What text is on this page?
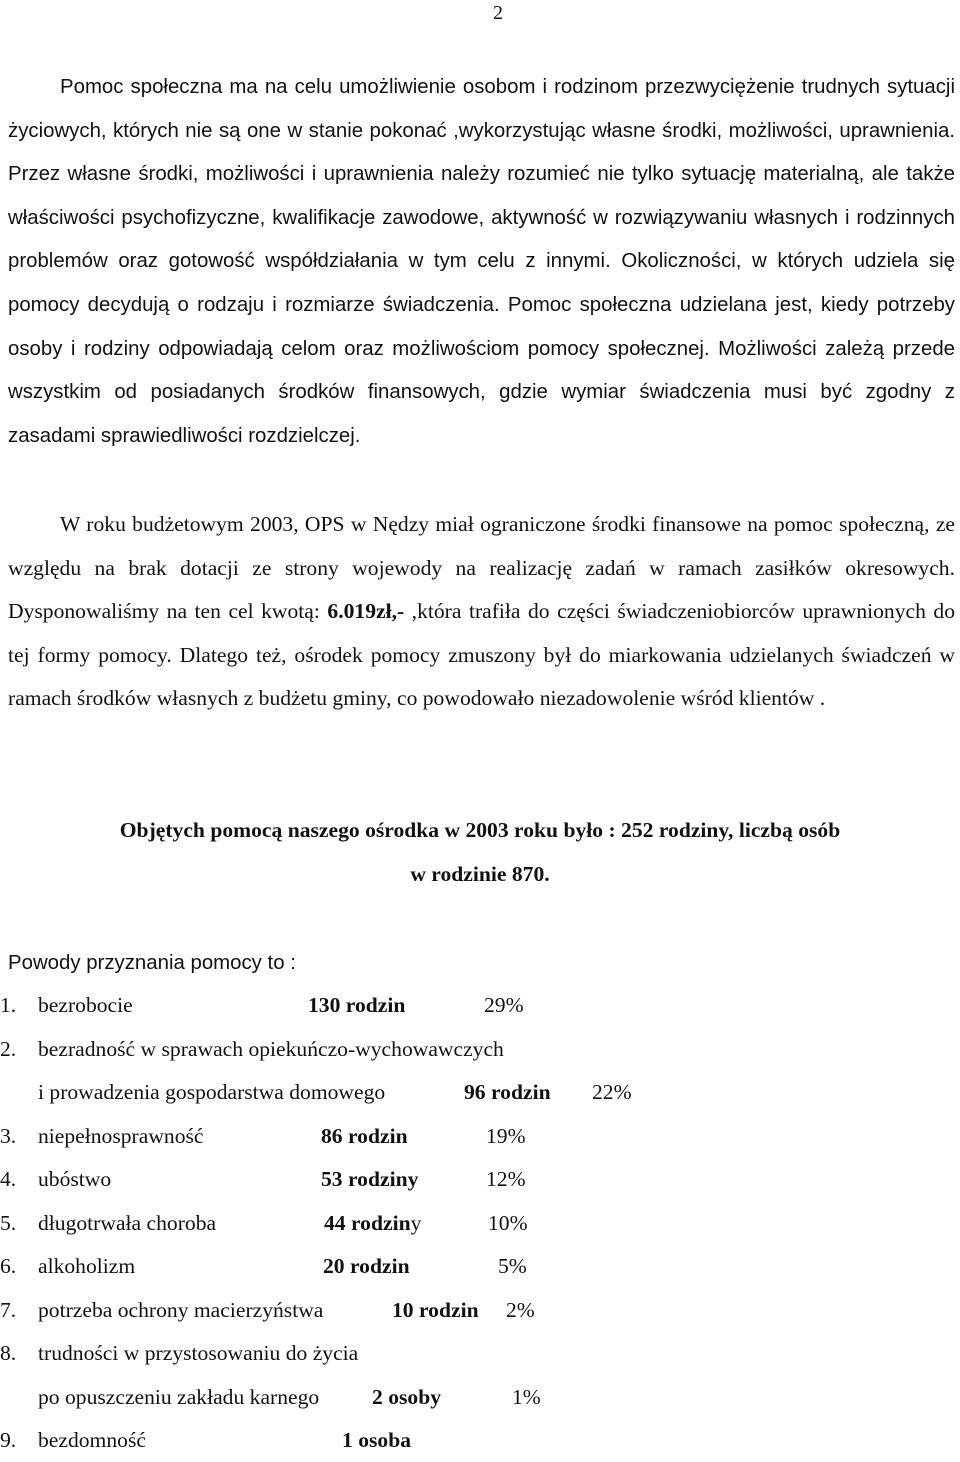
2

Pomoc społeczna ma na celu umożliwienie osobom i rodzinom przezwyciężenie trudnych sytuacji życiowych, których nie są one w stanie pokonać ,wykorzystując własne środki, możliwości, uprawnienia. Przez własne środki, możliwości i uprawnienia należy rozumieć nie tylko sytuację materialną, ale także właściwości psychofizyczne, kwalifikacje zawodowe, aktywność w rozwiązywaniu własnych i rodzinnych problemów oraz gotowość współdziałania w tym celu z innymi. Okoliczności, w których udziela się pomocy decydują o rodzaju i rozmiarze świadczenia. Pomoc społeczna udzielana jest, kiedy potrzeby osoby i rodziny odpowiadają celom oraz możliwościom pomocy społecznej. Możliwości zależą przede wszystkim od posiadanych środków finansowych, gdzie wymiar świadczenia musi być zgodny z zasadami sprawiedliwości rozdzielczej.

W roku budżetowym 2003, OPS w Nędzy miał ograniczone środki finansowe na pomoc społeczną, ze względu na brak dotacji ze strony wojewody na realizację zadań w ramach zasiłków okresowych. Dysponowaliśmy na ten cel kwotą: 6.019zł,- ,która trafiła do części świadczeniobiorców uprawnionych do tej formy pomocy. Dlatego też, ośrodek pomocy zmuszony był do miarkowania udzielanych świadczeń w ramach środków własnych z budżetu gminy, co powodowało niezadowolenie wśród klientów .

Objętych pomocą naszego ośrodka w 2003 roku było : 252 rodziny, liczbą osób
w rodzinie 870.

Powody przyznania pomocy to :

1. bezrobocie	130 rodzin	29%
2. bezradność w sprawach opiekuńczo-wychowawczych
i prowadzenia gospodarstwa domowego	96 rodzin 22%
3. niepełnosprawność	86 rodzin	19%
4. ubóstwo	53 rodziny	12%
5. długotrwała choroba	44 rodziny	10%
6. alkoholizm	20 rodzin	5%
7. potrzeba ochrony macierzyństwa	10 rodzin 2%
8. trudności w przystosowaniu do życia
po opuszczeniu zakładu karnego 2 osoby	1%
9. bezdomność	1 osoba
